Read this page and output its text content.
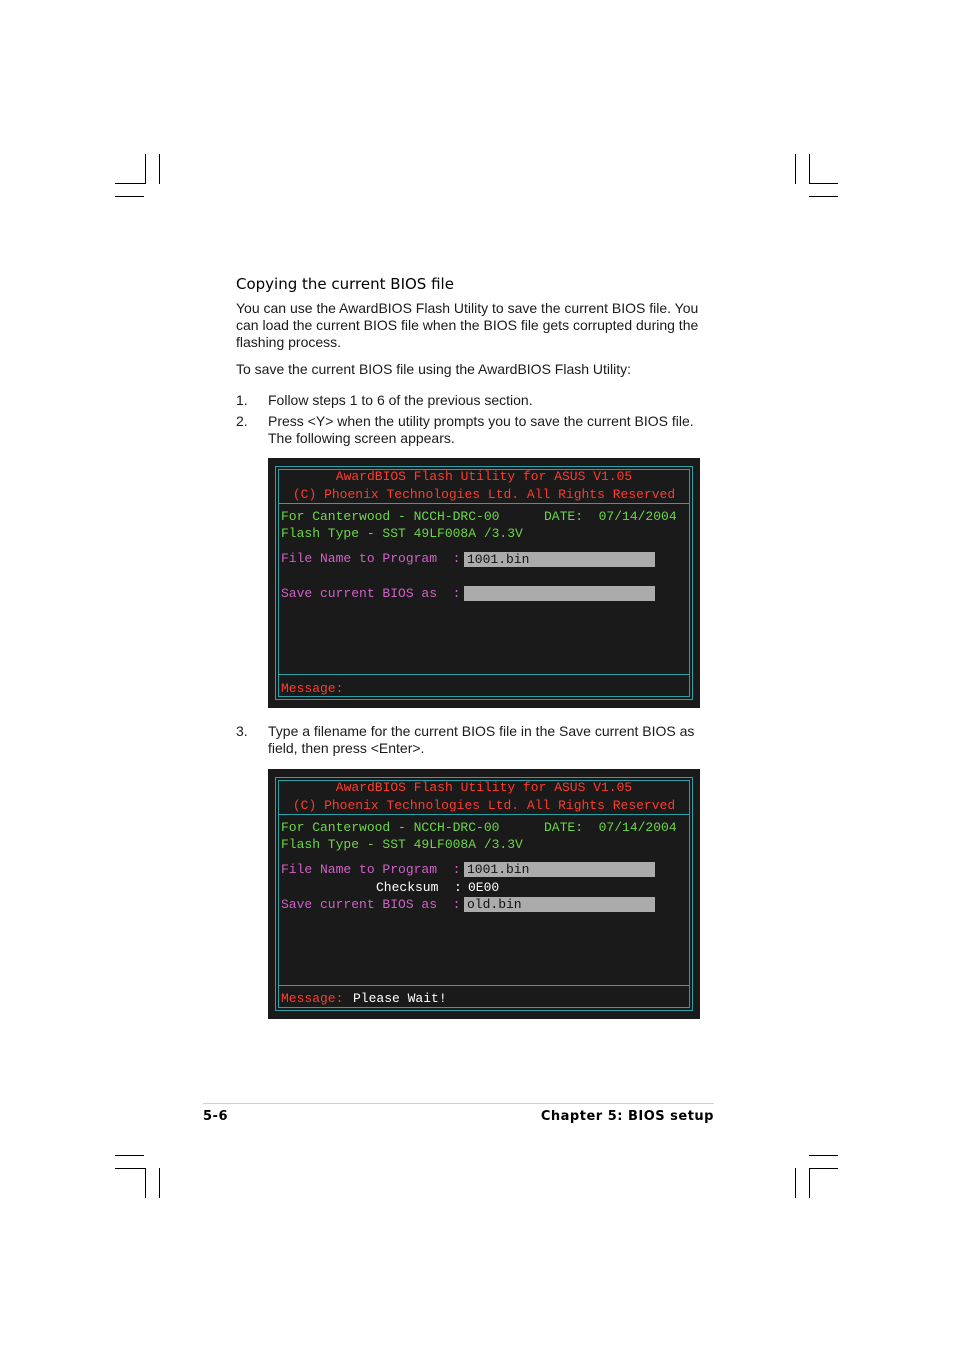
Copying the current BIOS file
You can use the AwardBIOS Flash Utility to save the current BIOS file. You can load the current BIOS file when the BIOS file gets corrupted during the flashing process.
To save the current BIOS file using the AwardBIOS Flash Utility:
1. Follow steps 1 to 6 of the previous section.
2. Press <Y> when the utility prompts you to save the current BIOS file. The following screen appears.
AwardBIOS Flash Utility for ASUS V1.05
(C) Phoenix Technologies Ltd. All Rights Reserved
For Canterwood - NCCH-DRC-00	DATE:  07/14/2004
Flash Type - SST 49LF008A /3.3V
File Name to Program  : 1001.bin
Save current BIOS as  :
Message:
3. Type a filename for the current BIOS file in the Save current BIOS as field, then press <Enter>.
AwardBIOS Flash Utility for ASUS V1.05
(C) Phoenix Technologies Ltd. All Rights Reserved
For Canterwood - NCCH-DRC-00	DATE:  07/14/2004
Flash Type - SST 49LF008A /3.3V
File Name to Program  : 1001.bin
Checksum  : 0E00
Save current BIOS as  : old.bin
Message: Please Wait!
5-6	Chapter 5: BIOS setup
